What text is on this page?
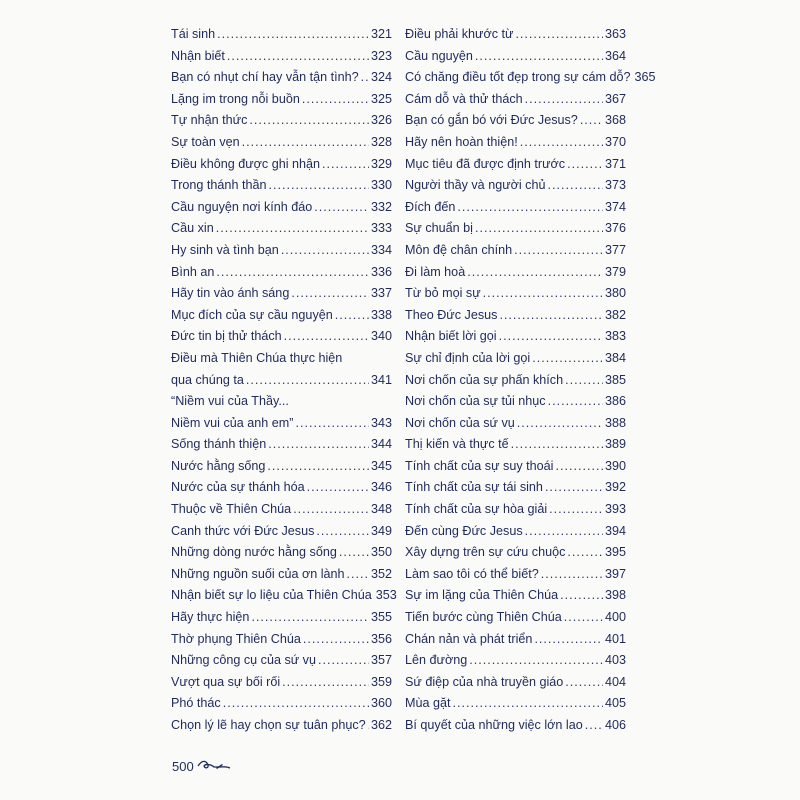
Tái sinh .....	321
Nhận biết .....	323
Bạn có nhụt chí hay vẫn tận tình? ..... 324
Lặng im trong nỗi buồn .....	325
Tự nhận thức .....	326
Sự toàn vẹn .....	328
Điều không được ghi nhận .....	329
Trong thánh thần .....	330
Cầu nguyện nơi kính đáo .....	332
Cầu xin .....	333
Hy sinh và tình bạn .....	334
Bình an .....	336
Hãy tin vào ánh sáng .....	337
Mục đích của sự cầu nguyện .....	338
Đức tin bị thử thách .....	340
Điều mà Thiên Chúa thực hiện
qua chúng ta .....	341
“Niềm vui của Thầy...
Niềm vui của anh em” .....	343
Sống thánh thiện .....	344
Nước hằng sống .....	345
Nước của sự thánh hóa .....	346
Thuộc về Thiên Chúa .....	348
Canh thức với Đức Jesus .....	349
Những dòng nước hằng sống .....	350
Những nguồn suối của ơn lành ..... 352
Nhận biết sự lo liệu của Thiên Chúa 353
Hãy thực hiện .....	355
Thờ phụng Thiên Chúa .....	356
Những công cụ của sứ vụ .....	357
Vượt qua sự bối rối .....	359
Phó thác .....	360
Chọn lý lẽ hay chọn sự tuân phục? ..... 362
Điều phải khước từ .....	363
Cầu nguyện .....	364
Có chăng điều tốt đẹp trong sự cám dỗ? 365
Cám dỗ và thử thách .....	367
Bạn có gắn bó với Đức Jesus? ..... 368
Hãy nên hoàn thiện! .....	370
Mục tiêu đã được định trước .....	371
Người thầy và người chủ .....	373
Đích đến .....	374
Sự chuẩn bị .....	376
Môn đệ chân chính .....	377
Đi làm hoà .....	379
Từ bỏ mọi sự .....	380
Theo Đức Jesus .....	382
Nhận biết lời gọi .....	383
Sự chỉ định của lời gọi .....	384
Nơi chốn của sự phấn khích .....	385
Nơi chốn của sự tủi nhục .....	386
Nơi chốn của sứ vụ .....	388
Thị kiến và thực tế .....	389
Tính chất của sự suy thoái .....	390
Tính chất của sự tái sinh .....	392
Tính chất của sự hòa giải .....	393
Đến cùng Đức Jesus .....	394
Xây dựng trên sự cứu chuộc .....	395
Làm sao tôi có thể biết? .....	397
Sự im lặng của Thiên Chúa .....	398
Tiến bước cùng Thiên Chúa .....	400
Chán nản và phát triển .....	401
Lên đường .....	403
Sứ điệp của nhà truyền giáo .....	404
Mùa gặt .....	405
Bí quyết của những việc lớn lao ..... 406
500
